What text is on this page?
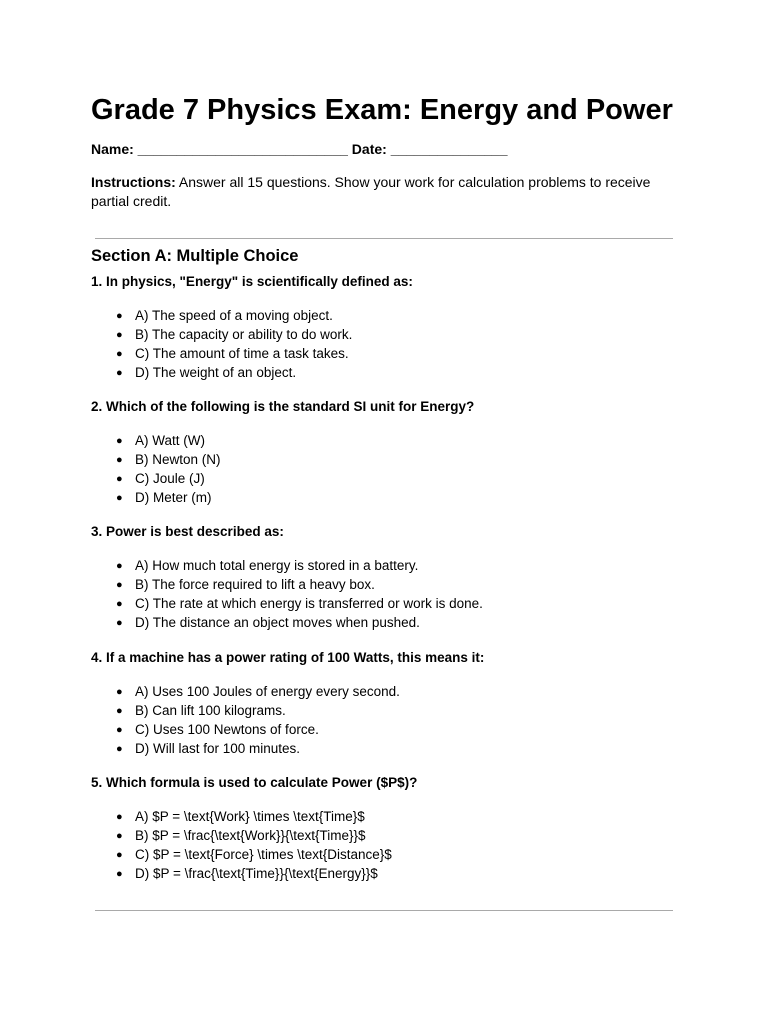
Grade 7 Physics Exam: Energy and Power
Name: ___________________________ Date: _______________
Instructions: Answer all 15 questions. Show your work for calculation problems to receive partial credit.
Section A: Multiple Choice

1. In physics, "Energy" is scientifically defined as:

● A) The speed of a moving object.
● B) The capacity or ability to do work.
● C) The amount of time a task takes.
● D) The weight of an object.

2. Which of the following is the standard SI unit for Energy?

● A) Watt (W)
● B) Newton (N)
● C) Joule (J)
● D) Meter (m)

3. Power is best described as:

● A) How much total energy is stored in a battery.
● B) The force required to lift a heavy box.
● C) The rate at which energy is transferred or work is done.
● D) The distance an object moves when pushed.

4. If a machine has a power rating of 100 Watts, this means it:

● A) Uses 100 Joules of energy every second.
● B) Can lift 100 kilograms.
● C) Uses 100 Newtons of force.
● D) Will last for 100 minutes.

5. Which formula is used to calculate Power ($P$)?

● A) $P = \text{Work} \times \text{Time}$
● B) $P = \frac{\text{Work}}{\text{Time}}$
● C) $P = \text{Force} \times \text{Distance}$
● D) $P = \frac{\text{Time}}{\text{Energy}}$
